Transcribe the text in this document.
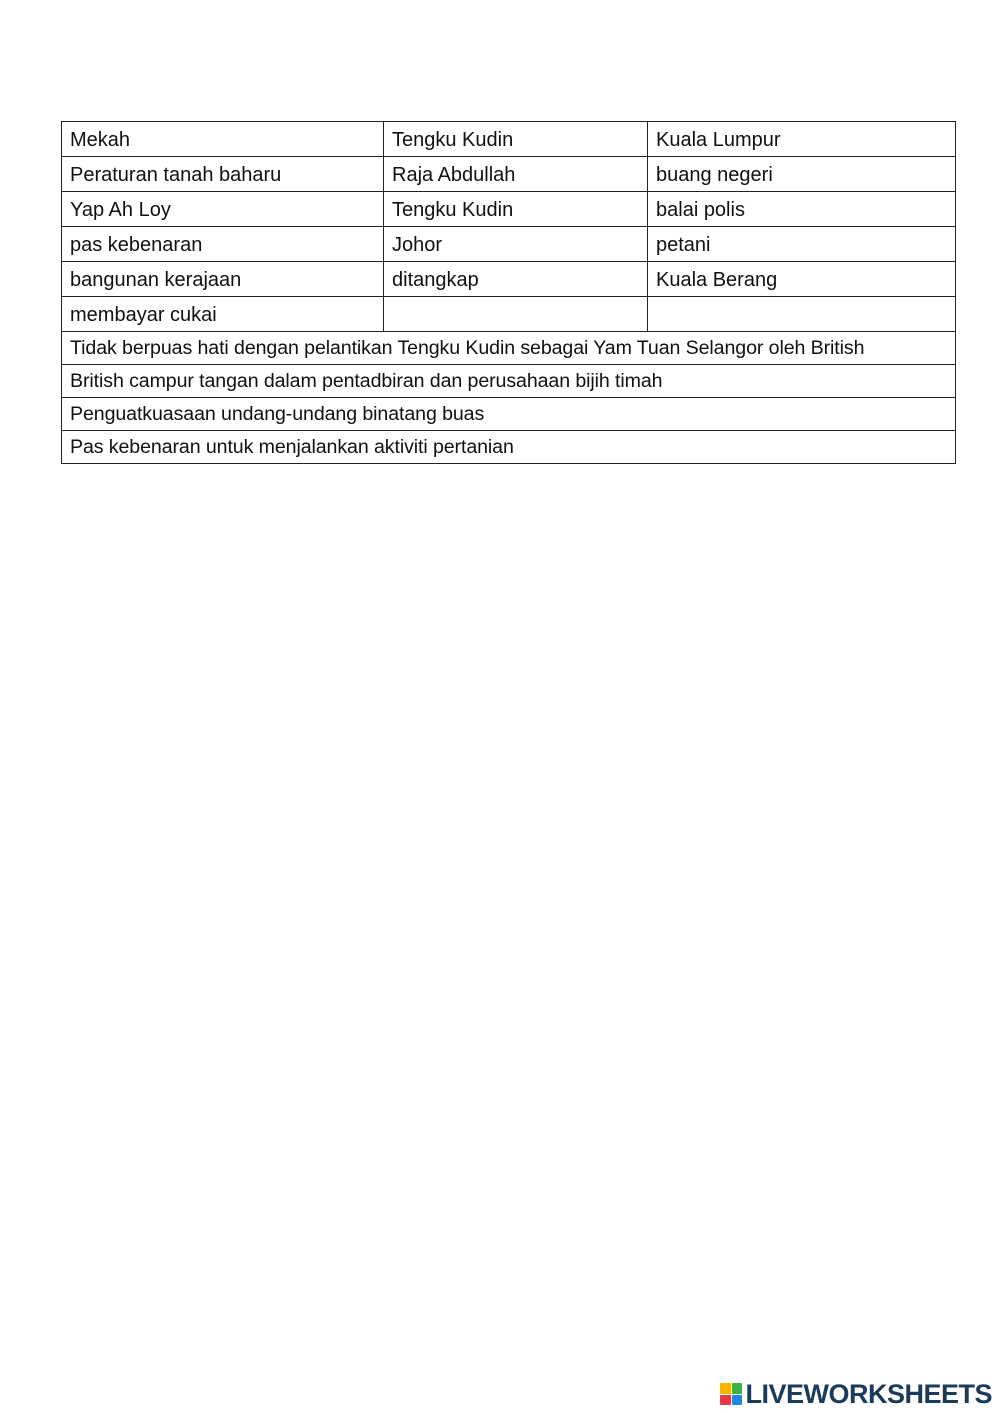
Mekah	Tengku Kudin	Kuala Lumpur
Peraturan tanah baharu	Raja Abdullah	buang negeri
Yap Ah Loy	Tengku Kudin	balai polis
pas kebenaran	Johor	petani
bangunan kerajaan	ditangkap	Kuala Berang
membayar cukai		
Tidak berpuas hati dengan pelantikan Tengku Kudin sebagai Yam Tuan Selangor oleh British		
British campur tangan dalam pentadbiran dan perusahaan bijih timah		
Penguatkuasaan undang-undang binatang buas		
Pas kebenaran untuk menjalankan aktiviti pertanian		
LIVEWORKSHEETS
